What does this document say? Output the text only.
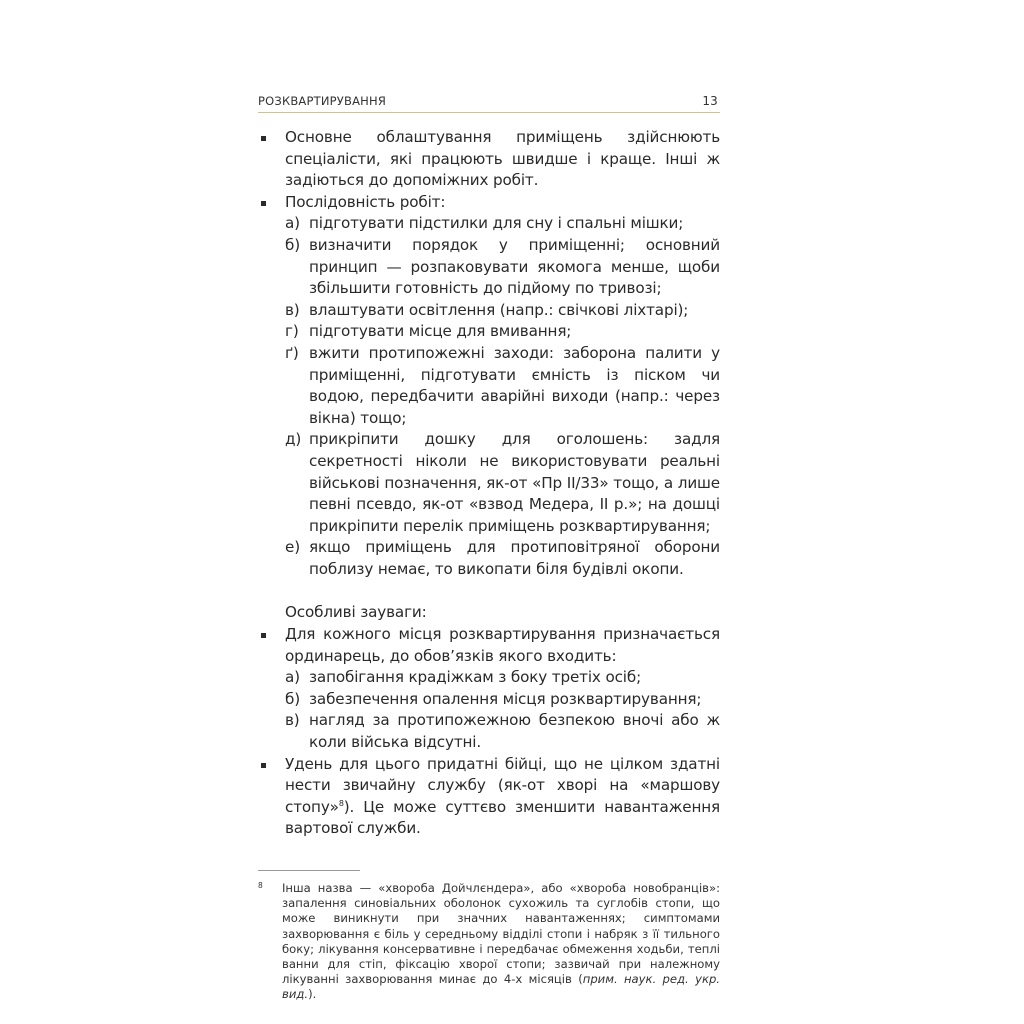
РОЗКВАРТИРУВАННЯ	13
Основне облаштування приміщень здійснюють спеціалісти, які працюють швидше і краще. Інші ж задіються до допоміжних робіт.
Послідовність робіт:
а) підготувати підстилки для сну і спальні мішки;
б) визначити порядок у приміщенні; основний принцип — розпаковувати якомога менше, щоби збільшити готовність до підйому по тривозі;
в) влаштувати освітлення (напр.: свічкові ліхтарі);
г) підготувати місце для вмивання;
ґ) вжити протипожежні заходи: заборона палити у приміщенні, підготувати ємність із піском чи водою, передбачити аварійні виходи (напр.: через вікна) тощо;
д) прикріпити дошку для оголошень: задля секретності ніколи не використовувати реальні військові позначення, як-от «Пр II/33» тощо, а лише певні псевдо, як-от «взвод Медера, II р.»; на дошці прикріпити перелік приміщень розквартирування;
е) якщо приміщень для протиповітряної оборони поблизу немає, то викопати біля будівлі окопи.
Особливі зауваги:
Для кожного місця розквартирування призначається ординарець, до обов’язків якого входить:
а) запобігання крадіжкам з боку третіх осіб;
б) забезпечення опалення місця розквартирування;
в) нагляд за протипожежною безпекою вночі або ж коли війська відсутні.
Удень для цього придатні бійці, що не цілком здатні нести звичайну службу (як-от хворі на «маршову стопу»$^8$). Це може суттєво зменшити навантаження вартової служби.
8 Інша назва — «хвороба Дойчлєндера», або «хвороба новобранців»: запалення синовіальних оболонок сухожиль та суглобів стопи, що може виникнути при значних навантаженнях; симптомами захворювання є біль у середньому відділі стопи і набряк з її тильного боку; лікування консервативне і передбачає обмеження ходьби, теплі ванни для стіп, фіксацію хворої стопи; зазвичай при належному лікуванні захворювання минає до 4-х місяців (прим. наук. ред. укр. вид.).
